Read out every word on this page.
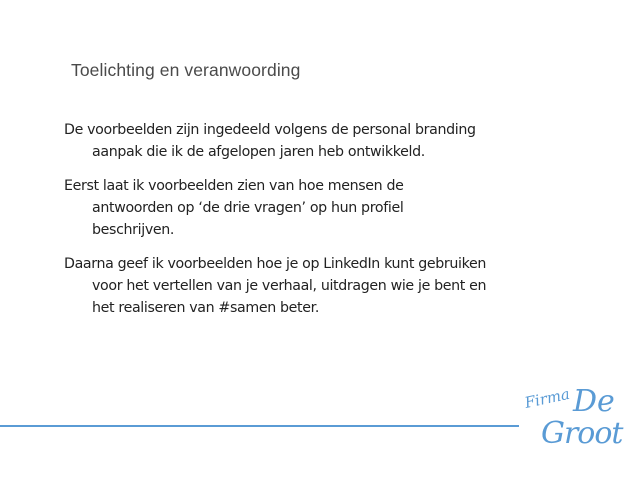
Toelichting en veranwoording

De voorbeelden zijn ingedeeld volgens de personal branding
aanpak die ik de afgelopen jaren heb ontwikkeld.

Eerst laat ik voorbeelden zien van hoe mensen de
antwoorden op ‘de drie vragen’ op hun profiel
beschrijven.

Daarna geef ik voorbeelden hoe je op LinkedIn kunt gebruiken
voor het vertellen van je verhaal, uitdragen wie je bent en
het realiseren van #samen beter.

Firma De
Groot
